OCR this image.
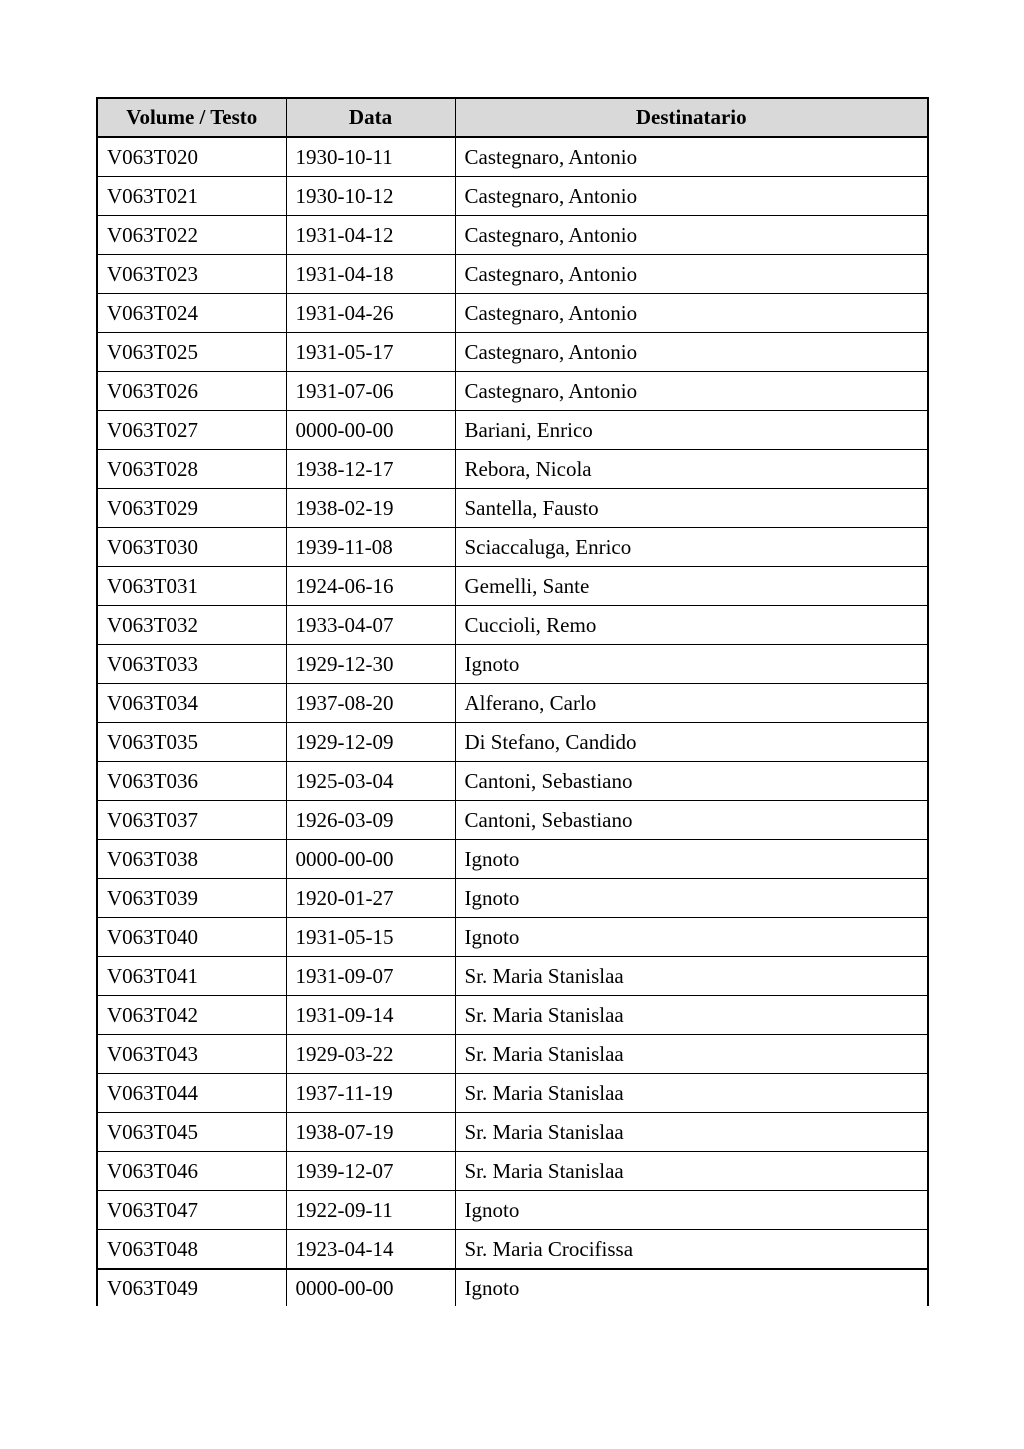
Volume / Testo	Data	Destinatario
V063T020	1930-10-11	Castegnaro, Antonio
V063T021	1930-10-12	Castegnaro, Antonio
V063T022	1931-04-12	Castegnaro, Antonio
V063T023	1931-04-18	Castegnaro, Antonio
V063T024	1931-04-26	Castegnaro, Antonio
V063T025	1931-05-17	Castegnaro, Antonio
V063T026	1931-07-06	Castegnaro, Antonio
V063T027	0000-00-00	Bariani, Enrico
V063T028	1938-12-17	Rebora, Nicola
V063T029	1938-02-19	Santella, Fausto
V063T030	1939-11-08	Sciaccaluga, Enrico
V063T031	1924-06-16	Gemelli, Sante
V063T032	1933-04-07	Cuccioli, Remo
V063T033	1929-12-30	Ignoto
V063T034	1937-08-20	Alferano, Carlo
V063T035	1929-12-09	Di Stefano, Candido
V063T036	1925-03-04	Cantoni, Sebastiano
V063T037	1926-03-09	Cantoni, Sebastiano
V063T038	0000-00-00	Ignoto
V063T039	1920-01-27	Ignoto
V063T040	1931-05-15	Ignoto
V063T041	1931-09-07	Sr. Maria Stanislaa
V063T042	1931-09-14	Sr. Maria Stanislaa
V063T043	1929-03-22	Sr. Maria Stanislaa
V063T044	1937-11-19	Sr. Maria Stanislaa
V063T045	1938-07-19	Sr. Maria Stanislaa
V063T046	1939-12-07	Sr. Maria Stanislaa
V063T047	1922-09-11	Ignoto
V063T048	1923-04-14	Sr. Maria Crocifissa
V063T049	0000-00-00	Ignoto
